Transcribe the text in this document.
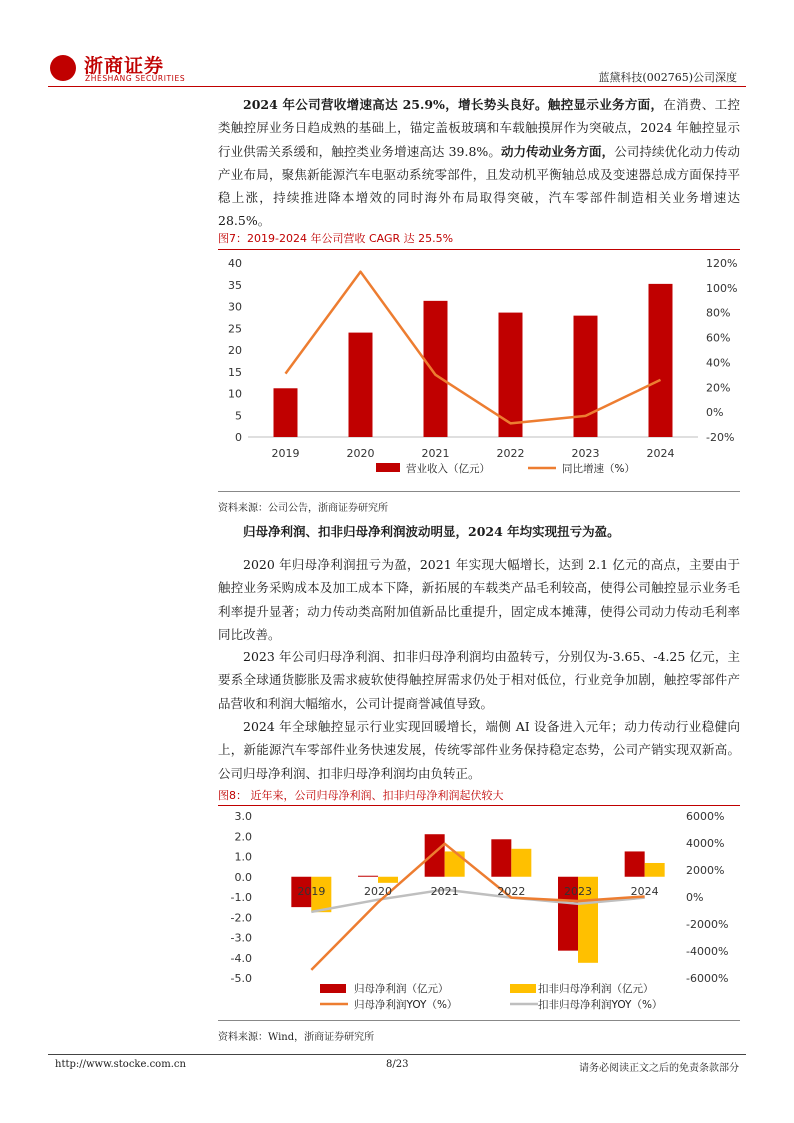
浙商证券
ZHESHANG SECURITIES	蓝黛科技(002765)公司深度

2024 年公司营收增速高达 25.9%，增长势头良好。触控显示业务方面，在消费、工控类触控屏业务日趋成熟的基础上，锚定盖板玻璃和车载触摸屏作为突破点，2024 年触控显示行业供需关系缓和，触控类业务增速高达 39.8%。动力传动业务方面，公司持续优化动力传动产业布局，聚焦新能源汽车电驱动系统零部件，且发动机平衡轴总成及变速器总成方面保持平稳上涨，持续推进降本增效的同时海外布局取得突破，汽车零部件制造相关业务增速达 28.5%。

图7：2019-2024 年公司营收 CAGR 达 25.5%
0
5
10
15
20
25
30
35
40
-20%
0%
20%
40%
60%
80%
100%
120%
2019	2020	2021	2022	2023	2024
营业收入（亿元）	同比增速（%）
资料来源：公司公告，浙商证券研究所

归母净利润、扣非归母净利润波动明显，2024 年均实现扭亏为盈。

2020 年归母净利润扭亏为盈，2021 年实现大幅增长，达到 2.1 亿元的高点，主要由于触控业务采购成本及加工成本下降，新拓展的车载类产品毛利较高，使得公司触控显示业务毛利率提升显著；动力传动类高附加值新品比重提升，固定成本摊薄，使得公司动力传动毛利率同比改善。

2023 年公司归母净利润、扣非归母净利润均由盈转亏，分别仅为-3.65、-4.25 亿元，主要系全球通货膨胀及需求疲软使得触控屏需求仍处于相对低位，行业竞争加剧，触控零部件产品营收和利润大幅缩水，公司计提商誉减值导致。

2024 年全球触控显示行业实现回暖增长，端侧 AI 设备进入元年；动力传动行业稳健向上，新能源汽车零部件业务快速发展，传统零部件业务保持稳定态势，公司产销实现双新高。公司归母净利润、扣非归母净利润均由负转正。

图8： 近年来，公司归母净利润、扣非归母净利润起伏较大
-5.0
-4.0
-3.0
-2.0
-1.0
0.0
1.0
2.0
3.0
-6000%
-4000%
-2000%
0%
2000%
4000%
6000%
2019	2020	2021	2022	2023	2024
归母净利润（亿元）	扣非归母净利润（亿元）
归母净利润YOY（%）	扣非归母净利润YOY（%）
资料来源：Wind，浙商证券研究所
http://www.stocke.com.cn	8/23	请务必阅读正文之后的免责条款部分
